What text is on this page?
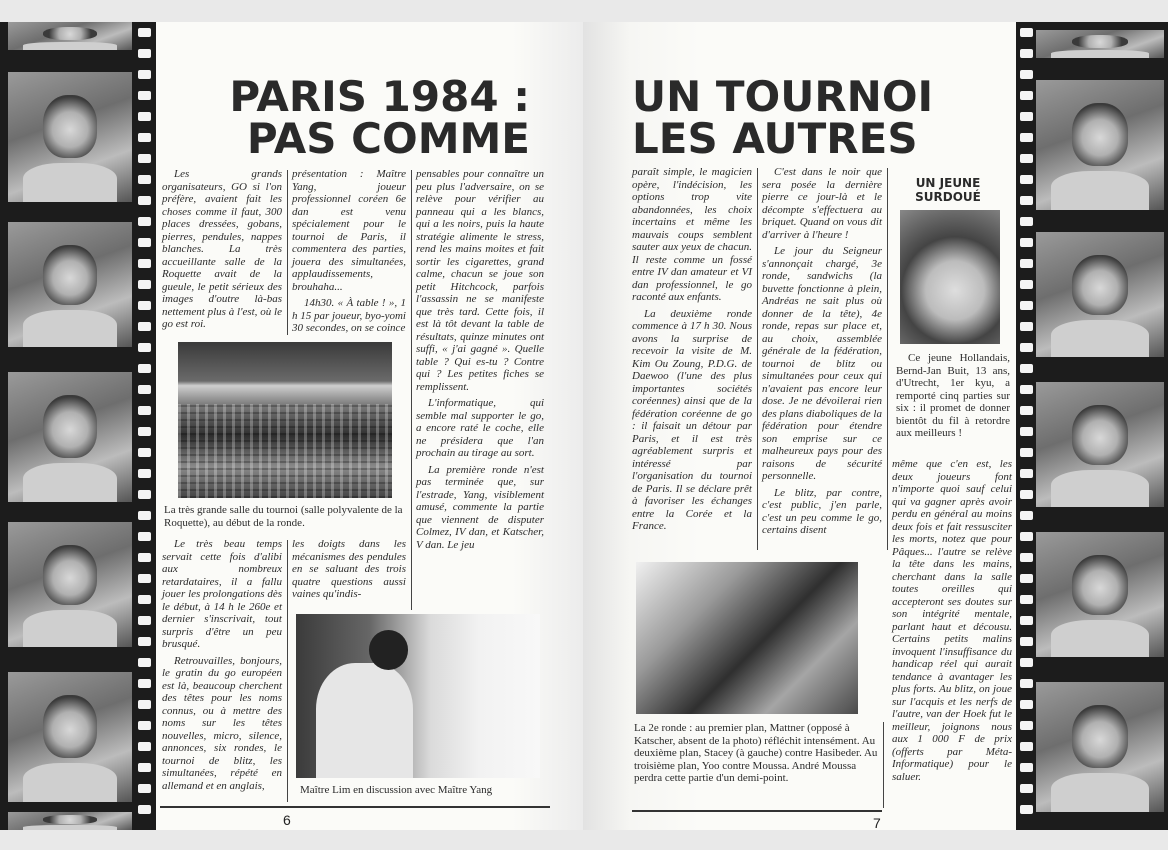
PARIS 1984 :
PAS COMME
UN TOURNOI
LES AUTRES

Les grands organisateurs, GO si l'on préfère, avaient fait les choses comme il faut, 300 places dressées, gobans, pierres, pendules, nappes blanches. La très accueillante salle de la Roquette avait de la gueule, le petit sérieux des images d'outre là-bas nettement plus à l'est, où le go est roi.

présentation : Maître Yang, joueur professionnel coréen 6e dan est venu spécialement pour le tournoi de Paris, il commentera des parties, jouera des simultanées, applaudissements, brouhaha...

14h30. « À table ! », 1 h 15 par joueur, byo-yomi 30 secondes, on se coince

pensables pour connaître un peu plus l'adversaire, on se relève pour vérifier au panneau qui a les blancs, qui a les noirs, puis la haute stratégie alimente le stress, rend les mains moites et fait sortir les cigarettes, grand calme, chacun se joue son petit Hitchcock, parfois l'assassin ne se manifeste que très tard. Cette fois, il est là tôt devant la table de résultats, quinze minutes ont suffi, « j'ai gagné ». Quelle table ? Qui es-tu ? Contre qui ? Les petites fiches se remplissent.

L'informatique, qui semble mal supporter le go, a encore raté le coche, elle ne présidera que l'an prochain au tirage au sort.

La première ronde n'est pas terminée que, sur l'estrade, Yang, visiblement amusé, commente la partie que viennent de disputer Colmez, IV dan, et Katscher, V dan. Le jeu

La très grande salle du tournoi (salle polyvalente de la Roquette), au début de la ronde.

Le très beau temps servait cette fois d'alibi aux nombreux retardataires, il a fallu jouer les prolongations dès le début, à 14 h le 260e et dernier s'inscrivait, tout surpris d'être un peu brusqué.

Retrouvailles, bonjours, le gratin du go européen est là, beaucoup cherchent des têtes pour les noms connus, ou à mettre des noms sur les têtes nouvelles, micro, silence, annonces, six rondes, le tournoi de blitz, les simultanées, répété en allemand et en anglais,

les doigts dans les mécanismes des pendules en se saluant des trois quatre questions aussi vaines qu'indis-

Maître Lim en discussion avec Maître Yang
6

paraît simple, le magicien opère, l'indécision, les options trop vite abandonnées, les choix incertains et même les mauvais coups semblent sauter aux yeux de chacun. Il reste comme un fossé entre IV dan amateur et VI dan professionnel, le go raconté aux enfants.

La deuxième ronde commence à 17 h 30. Nous avons la surprise de recevoir la visite de M. Kim Ou Zoung, P.D.G. de Daewoo (l'une des plus importantes sociétés coréennes) ainsi que de la fédération coréenne de go : il faisait un détour par Paris, et il est très agréablement surpris et intéressé par l'organisation du tournoi de Paris. Il se déclare prêt à favoriser les échanges entre la Corée et la France.

C'est dans le noir que sera posée la dernière pierre ce jour-là et le décompte s'effectuera au briquet. Quand on vous dit d'arriver à l'heure !

Le jour du Seigneur s'annonçait chargé, 3e ronde, sandwichs (la buvette fonctionne à plein, Andréas ne sait plus où donner de la tête), 4e ronde, repas sur place et, au choix, assemblée générale de la fédération, tournoi de blitz ou simultanées pour ceux qui n'avaient pas encore leur dose. Je ne dévoilerai rien des plans diaboliques de la fédération pour étendre son emprise sur ce malheureux pays pour des raisons de sécurité personnelle.

Le blitz, par contre, c'est public, j'en parle, c'est un peu comme le go, certains disent

UN JEUNE
SURDOUÉ
Ce jeune Hollandais, Bernd-Jan Buit, 13 ans, d'Utrecht, 1er kyu, a remporté cinq parties sur six : il promet de donner bientôt du fil à retordre aux meilleurs !

même que c'en est, les deux joueurs font n'importe quoi sauf celui qui va gagner après avoir perdu en général au moins deux fois et fait ressusciter les morts, notez que pour Pâques... l'autre se relève la tête dans les mains, cherchant dans la salle toutes oreilles qui accepteront ses doutes sur son intégrité mentale, parlant haut et décousu. Certains petits malins invoquent l'insuffisance du handicap réel qui aurait tendance à avantager les plus forts. Au blitz, on joue sur l'acquis et les nerfs de l'autre, van der Hoek fut le meilleur, joignons nous aux 1 000 F de prix (offerts par Méta-Informatique) pour le saluer.

La 2e ronde : au premier plan, Mattner (opposé à Katscher, absent de la photo) réfléchit intensément. Au deuxième plan, Stacey (à gauche) contre Hasibeder. Au troisième plan, Yoo contre Moussa. André Moussa perdra cette partie d'un demi-point.
7
